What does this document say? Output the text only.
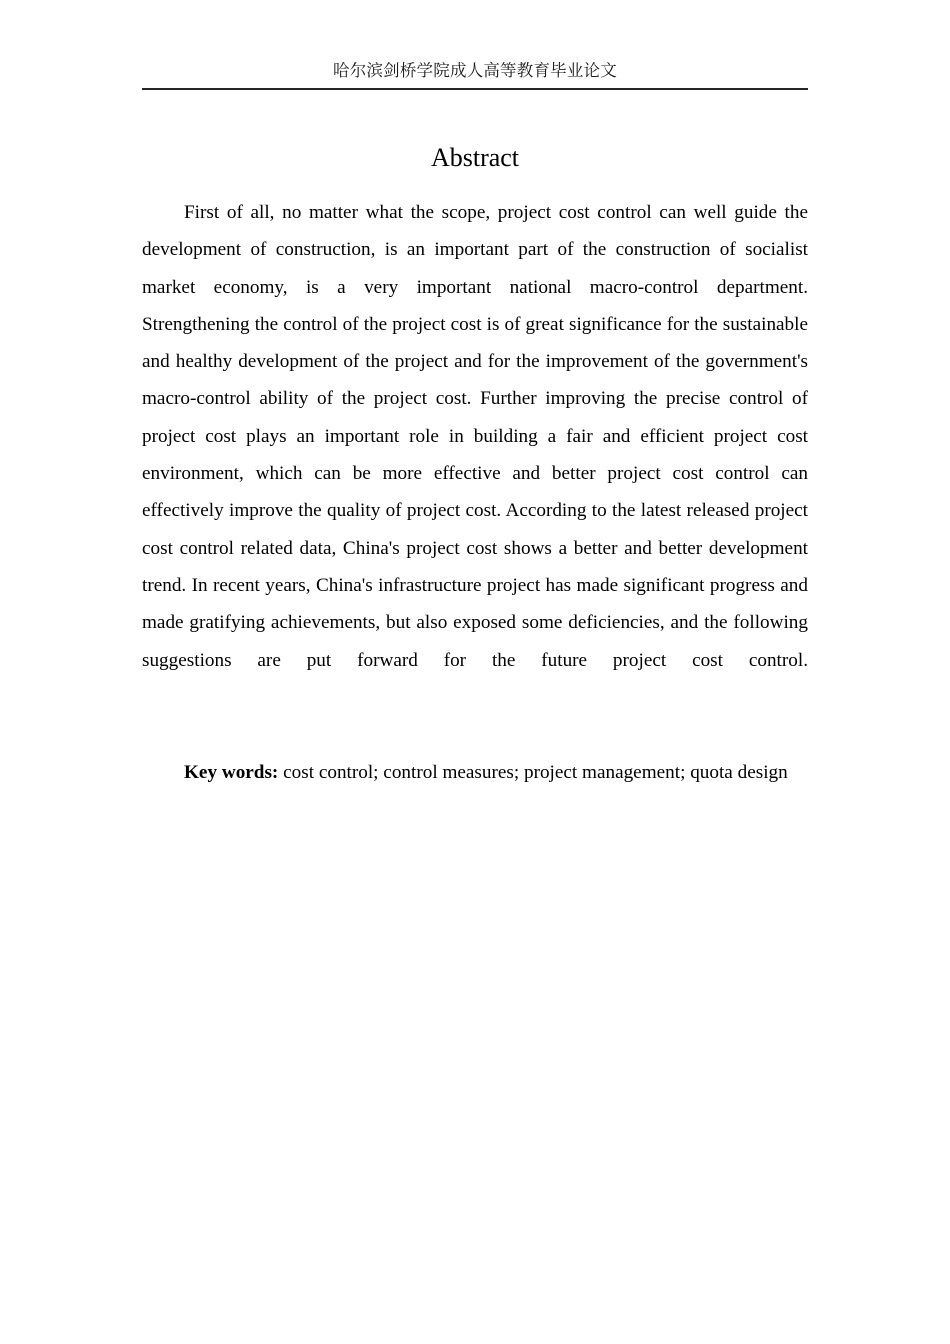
哈尔滨剑桥学院成人高等教育毕业论文
Abstract

First of all, no matter what the scope, project cost control can well guide the development of construction, is an important part of the construction of socialist market economy, is a very important national macro-control department. Strengthening the control of the project cost is of great significance for the sustainable and healthy development of the project and for the improvement of the government's macro-control ability of the project cost. Further improving the precise control of project cost plays an important role in building a fair and efficient project cost environment, which can be more effective and better project cost control can effectively improve the quality of project cost. According to the latest released project cost control related data, China's project cost shows a better and better development trend. In recent years, China's infrastructure project has made significant progress and made gratifying achievements, but also exposed some deficiencies, and the following suggestions are put forward for the future project cost control.

Key words: cost control; control measures; project management; quota design
